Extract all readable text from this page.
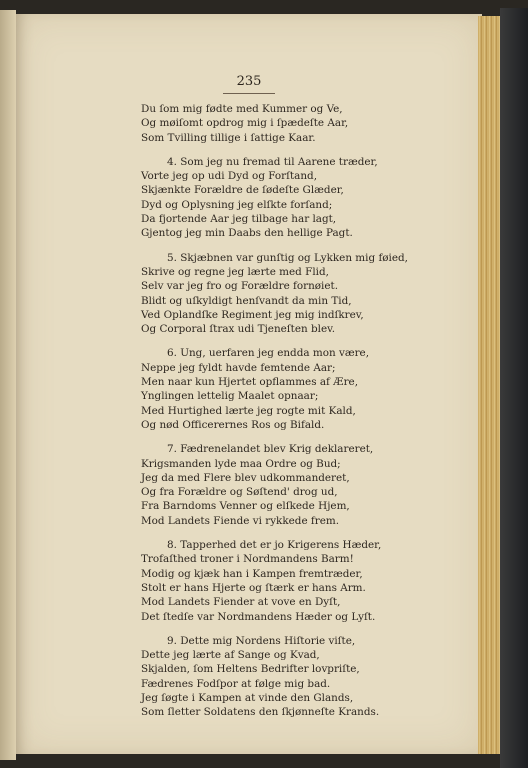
235
Du ſom mig fødte med Kummer og Ve,
Og møiſomt opdrog mig i ſpædeſte Aar,
Som Tvilling tillige i ſattige Kaar.
4. Som jeg nu fremad til Aarene træder,
Vorte jeg op udi Dyd og Forſtand,
Skjænkte Forældre de ſødeſte Glæder,
Dyd og Oplysning jeg elſkte forſand;
Da fjortende Aar jeg tilbage har lagt,
Gjentog jeg min Daabs den hellige Pagt.
5. Skjæbnen var gunſtig og Lykken mig føied,
Skrive og regne jeg lærte med Flid,
Selv var jeg fro og Forældre fornøiet.
Blidt og uſkyldigt henſvandt da min Tid,
Ved Oplandſke Regiment jeg mig indſkrev,
Og Corporal ſtrax udi Tjeneſten blev.
6. Ung, uerfaren jeg endda mon være,
Neppe jeg fyldt havde femtende Aar;
Men naar kun Hjertet opflammes af Ære,
Ynglingen lettelig Maalet opnaar;
Med Hurtighed lærte jeg rogte mit Kald,
Og nød Officerernes Ros og Bifald.
7. Fædrenelandet blev Krig deklareret,
Krigsmanden lyde maa Ordre og Bud;
Jeg da med Flere blev udkommanderet,
Og fra Forældre og Søſtend' drog ud,
Fra Barndoms Venner og elſkede Hjem,
Mod Landets Fiende vi rykkede frem.
8. Tapperhed det er jo Krigerens Hæder,
Trofaſthed troner i Nordmandens Barm!
Modig og kjæk han i Kampen fremtræder,
Stolt er hans Hjerte og ſtærk er hans Arm.
Mod Landets Fiender at vove en Dyſt,
Det ſtedſe var Nordmandens Hæder og Lyſt.
9. Dette mig Nordens Hiſtorie viſte,
Dette jeg lærte af Sange og Kvad,
Skjalden, ſom Heltens Bedrifter lovpriſte,
Fædrenes Fodſpor at følge mig bad.
Jeg ſøgte i Kampen at vinde den Glands,
Som ſletter Soldatens den ſkjønneſte Krands.
